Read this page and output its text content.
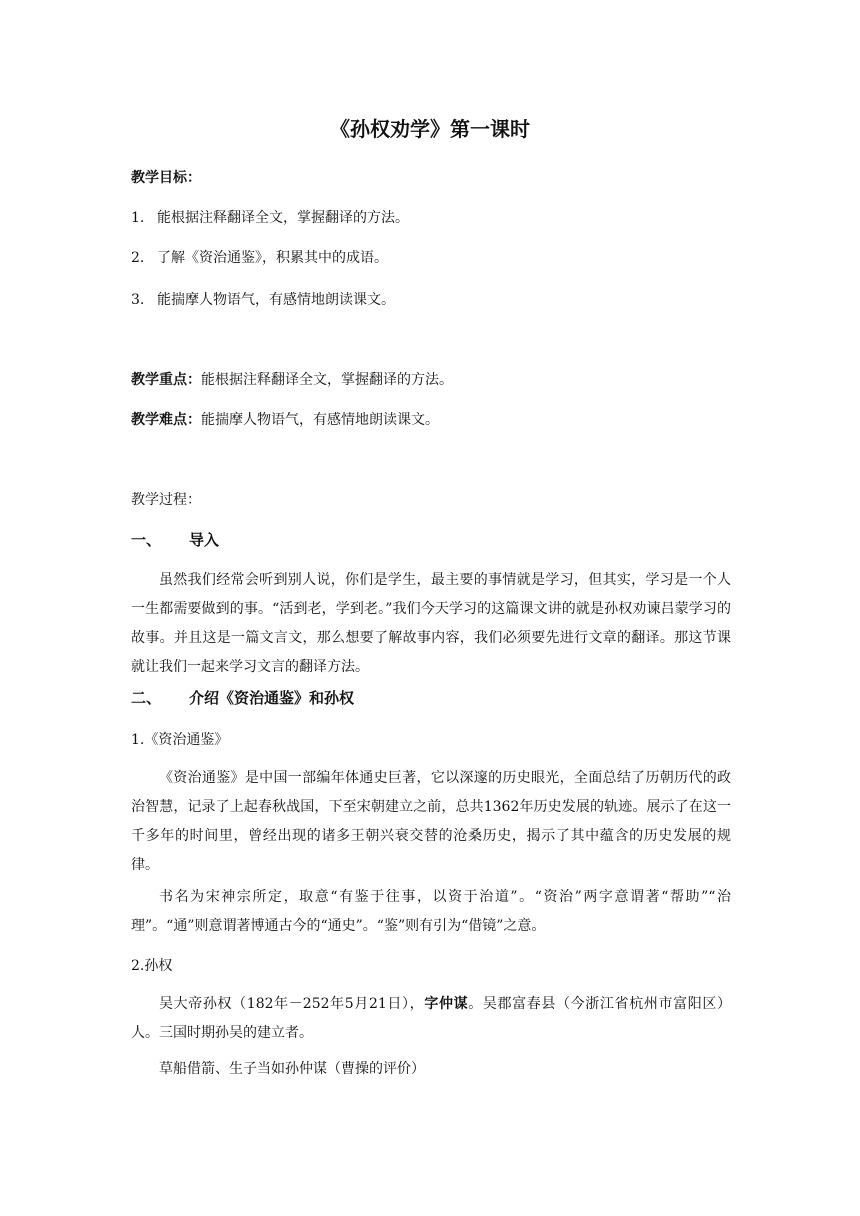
《孙权劝学》第一课时
教学目标：
1. 能根据注释翻译全文，掌握翻译的方法。
2. 了解《资治通鉴》，积累其中的成语。
3. 能揣摩人物语气，有感情地朗读课文。
教学重点：能根据注释翻译全文，掌握翻译的方法。
教学难点：能揣摩人物语气，有感情地朗读课文。
教学过程：
一、 导入
虽然我们经常会听到别人说，你们是学生，最主要的事情就是学习，但其实，学习是一个人一生都需要做到的事。“活到老，学到老。”我们今天学习的这篇课文讲的就是孙权劝谏吕蒙学习的故事。并且这是一篇文言文，那么想要了解故事内容，我们必须要先进行文章的翻译。那这节课就让我们一起来学习文言的翻译方法。
二、 介绍《资治通鉴》和孙权
1.《资治通鉴》
《资治通鉴》是中国一部编年体通史巨著，它以深邃的历史眼光，全面总结了历朝历代的政治智慧，记录了上起春秋战国，下至宋朝建立之前，总共1362年历史发展的轨迹。展示了在这一千多年的时间里，曾经出现的诸多王朝兴衰交替的沧桑历史，揭示了其中蕴含的历史发展的规律。
书名为宋神宗所定，取意“有鉴于往事，以资于治道”。“资治”两字意谓著“帮助”“治理”。“通”则意谓著博通古今的“通史”。“鉴”则有引为“借镜”之意。
2.孙权
吴大帝孙权（182年－252年5月21日），字仲谋。吴郡富春县（今浙江省杭州市富阳区）人。三国时期孙吴的建立者。
草船借箭、生子当如孙仲谋（曹操的评价）
